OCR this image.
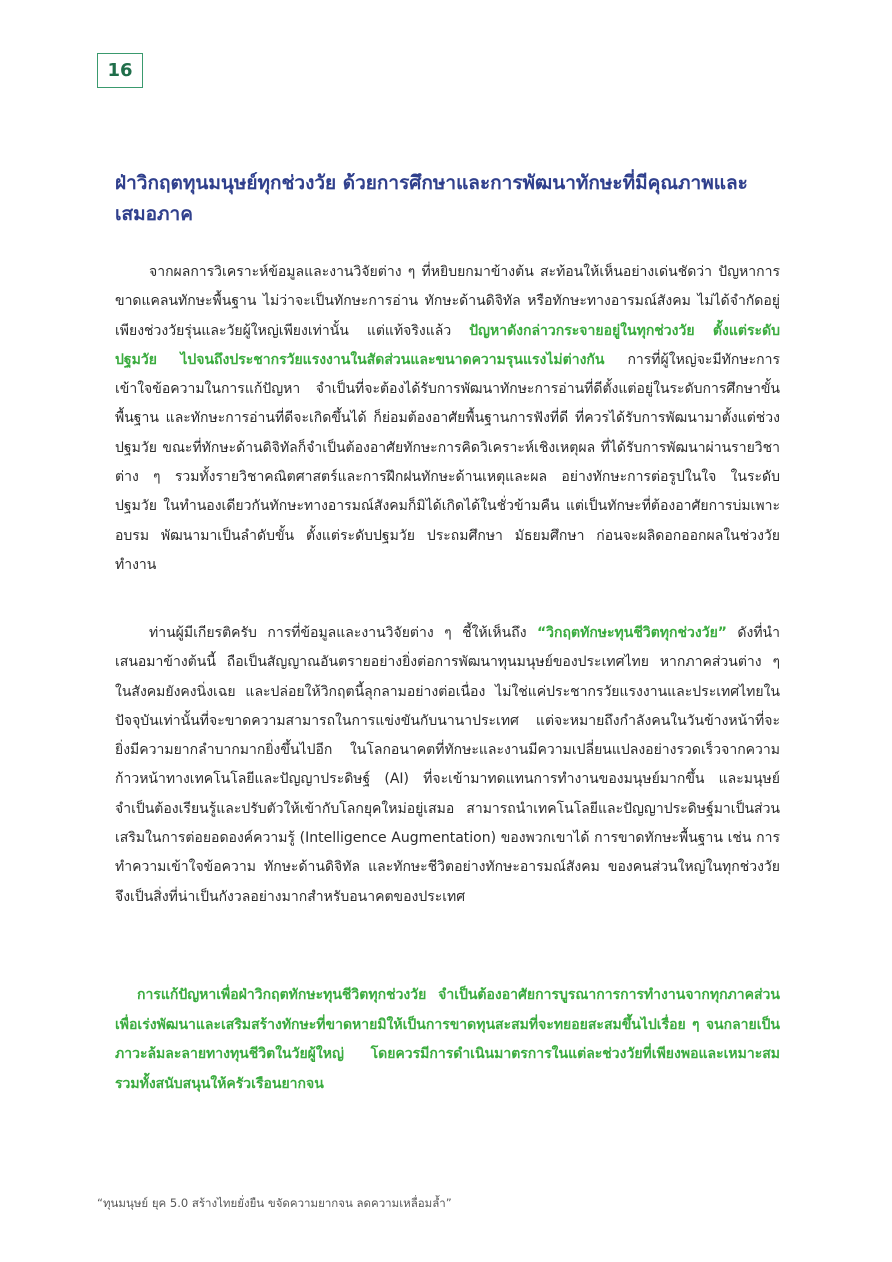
16
ฝ่าวิกฤตทุนมนุษย์ทุกช่วงวัย ด้วยการศึกษาและการพัฒนาทักษะที่มีคุณภาพและเสมอภาค

จากผลการวิเคราะห์ข้อมูลและงานวิจัยต่าง ๆ ที่หยิบยกมาข้างต้น สะท้อนให้เห็นอย่างเด่นชัดว่า ปัญหาการขาดแคลนทักษะพื้นฐาน ไม่ว่าจะเป็นทักษะการอ่าน ทักษะด้านดิจิทัล หรือทักษะทางอารมณ์สังคม ไม่ได้จำกัดอยู่เพียงช่วงวัยรุ่นและวัยผู้ใหญ่เพียงเท่านั้น แต่แท้จริงแล้ว ปัญหาดังกล่าวกระจายอยู่ในทุกช่วงวัย ตั้งแต่ระดับปฐมวัย ไปจนถึงประชากรวัยแรงงานในสัดส่วนและขนาดความรุนแรงไม่ต่างกัน การที่ผู้ใหญ่จะมีทักษะการเข้าใจข้อความในการแก้ปัญหา จำเป็นที่จะต้องได้รับการพัฒนาทักษะการอ่านที่ดีตั้งแต่อยู่ในระดับการศึกษาขั้นพื้นฐาน และทักษะการอ่านที่ดีจะเกิดขึ้นได้ ก็ย่อมต้องอาศัยพื้นฐานการฟังที่ดี ที่ควรได้รับการพัฒนามาตั้งแต่ช่วงปฐมวัย ขณะที่ทักษะด้านดิจิทัลก็จำเป็นต้องอาศัยทักษะการคิดวิเคราะห์เชิงเหตุผล ที่ได้รับการพัฒนาผ่านรายวิชาต่าง ๆ รวมทั้งรายวิชาคณิตศาสตร์และการฝึกฝนทักษะด้านเหตุและผล อย่างทักษะการต่อรูปในใจ ในระดับปฐมวัย ในทำนองเดียวกันทักษะทางอารมณ์สังคมก็มิได้เกิดได้ในชั่วข้ามคืน แต่เป็นทักษะที่ต้องอาศัยการบ่มเพาะ อบรม พัฒนามาเป็นลำดับขั้น ตั้งแต่ระดับปฐมวัย ประถมศึกษา มัธยมศึกษา ก่อนจะผลิดอกออกผลในช่วงวัยทำงาน

ท่านผู้มีเกียรติครับ การที่ข้อมูลและงานวิจัยต่าง ๆ ชี้ให้เห็นถึง “วิกฤตทักษะทุนชีวิตทุกช่วงวัย” ดังที่นำเสนอมาข้างต้นนี้ ถือเป็นสัญญาณอันตรายอย่างยิ่งต่อการพัฒนาทุนมนุษย์ของประเทศไทย หากภาคส่วนต่าง ๆ ในสังคมยังคงนิ่งเฉย และปล่อยให้วิกฤตนี้ลุกลามอย่างต่อเนื่อง ไม่ใช่แค่ประชากรวัยแรงงานและประเทศไทยในปัจจุบันเท่านั้นที่จะขาดความสามารถในการแข่งขันกับนานาประเทศ แต่จะหมายถึงกำลังคนในวันข้างหน้าที่จะยิ่งมีความยากลำบากมากยิ่งขึ้นไปอีก ในโลกอนาคตที่ทักษะและงานมีความเปลี่ยนแปลงอย่างรวดเร็วจากความก้าวหน้าทางเทคโนโลยีและปัญญาประดิษฐ์ (AI) ที่จะเข้ามาทดแทนการทำงานของมนุษย์มากขึ้น และมนุษย์จำเป็นต้องเรียนรู้และปรับตัวให้เข้ากับโลกยุคใหม่อยู่เสมอ สามารถนำเทคโนโลยีและปัญญาประดิษฐ์มาเป็นส่วนเสริมในการต่อยอดองค์ความรู้ (Intelligence Augmentation) ของพวกเขาได้ การขาดทักษะพื้นฐาน เช่น การทำความเข้าใจข้อความ ทักษะด้านดิจิทัล และทักษะชีวิตอย่างทักษะอารมณ์สังคม ของคนส่วนใหญ่ในทุกช่วงวัย จึงเป็นสิ่งที่น่าเป็นกังวลอย่างมากสำหรับอนาคตของประเทศ

การแก้ปัญหาเพื่อฝ่าวิกฤตทักษะทุนชีวิตทุกช่วงวัย จำเป็นต้องอาศัยการบูรณาการการทำงานจากทุกภาคส่วน เพื่อเร่งพัฒนาและเสริมสร้างทักษะที่ขาดหายมิให้เป็นการขาดทุนสะสมที่จะทยอยสะสมขึ้นไปเรื่อย ๆ จนกลายเป็นภาวะล้มละลายทางทุนชีวิตในวัยผู้ใหญ่ โดยควรมีการดำเนินมาตรการในแต่ละช่วงวัยที่เพียงพอและเหมาะสม รวมทั้งสนับสนุนให้ครัวเรือนยากจน

“ทุนมนุษย์ ยุค 5.0 สร้างไทยยั่งยืน ขจัดความยากจน ลดความเหลื่อมล้ำ”
